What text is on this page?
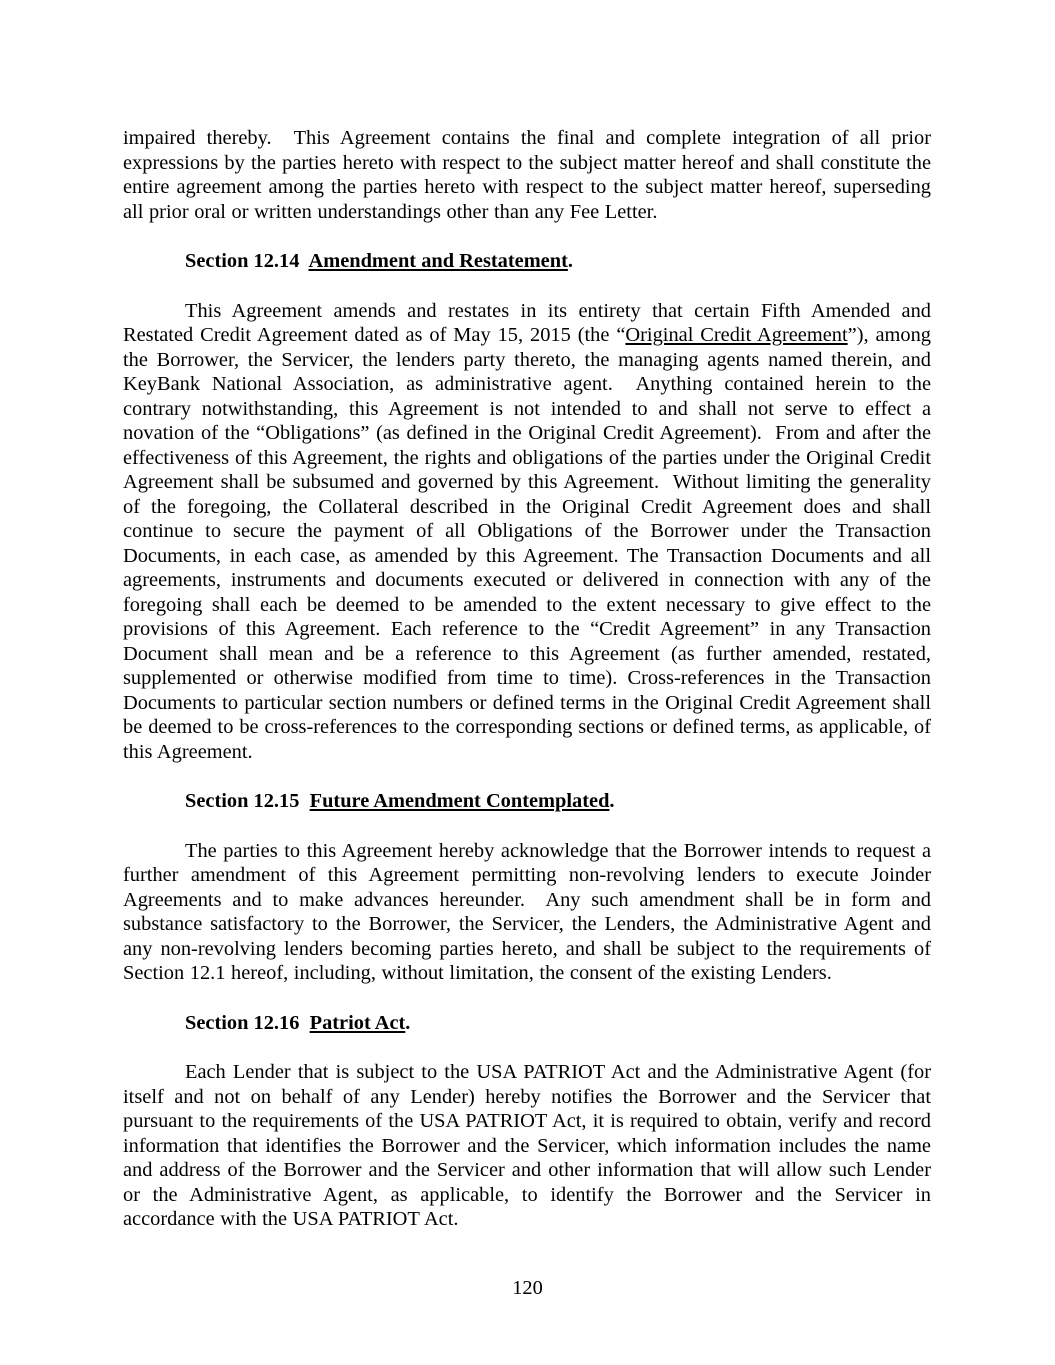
impaired thereby.  This Agreement contains the final and complete integration of all prior expressions by the parties hereto with respect to the subject matter hereof and shall constitute the entire agreement among the parties hereto with respect to the subject matter hereof, superseding all prior oral or written understandings other than any Fee Letter.

Section 12.14  Amendment and Restatement.

This Agreement amends and restates in its entirety that certain Fifth Amended and Restated Credit Agreement dated as of May 15, 2015 (the “Original Credit Agreement”), among the Borrower, the Servicer, the lenders party thereto, the managing agents named therein, and KeyBank National Association, as administrative agent.  Anything contained herein to the contrary notwithstanding, this Agreement is not intended to and shall not serve to effect a novation of the “Obligations” (as defined in the Original Credit Agreement).  From and after the effectiveness of this Agreement, the rights and obligations of the parties under the Original Credit Agreement shall be subsumed and governed by this Agreement.  Without limiting the generality of the foregoing, the Collateral described in the Original Credit Agreement does and shall continue to secure the payment of all Obligations of the Borrower under the Transaction Documents, in each case, as amended by this Agreement. The Transaction Documents and all agreements, instruments and documents executed or delivered in connection with any of the foregoing shall each be deemed to be amended to the extent necessary to give effect to the provisions of this Agreement. Each reference to the “Credit Agreement” in any Transaction Document shall mean and be a reference to this Agreement (as further amended, restated, supplemented or otherwise modified from time to time). Cross-references in the Transaction Documents to particular section numbers or defined terms in the Original Credit Agreement shall be deemed to be cross-references to the corresponding sections or defined terms, as applicable, of this Agreement.

Section 12.15  Future Amendment Contemplated.

The parties to this Agreement hereby acknowledge that the Borrower intends to request a further amendment of this Agreement permitting non-revolving lenders to execute Joinder Agreements and to make advances hereunder.  Any such amendment shall be in form and substance satisfactory to the Borrower, the Servicer, the Lenders, the Administrative Agent and any non-revolving lenders becoming parties hereto, and shall be subject to the requirements of Section 12.1 hereof, including, without limitation, the consent of the existing Lenders.

Section 12.16  Patriot Act.

Each Lender that is subject to the USA PATRIOT Act and the Administrative Agent (for itself and not on behalf of any Lender) hereby notifies the Borrower and the Servicer that pursuant to the requirements of the USA PATRIOT Act, it is required to obtain, verify and record information that identifies the Borrower and the Servicer, which information includes the name and address of the Borrower and the Servicer and other information that will allow such Lender or the Administrative Agent, as applicable, to identify the Borrower and the Servicer in accordance with the USA PATRIOT Act.

120
